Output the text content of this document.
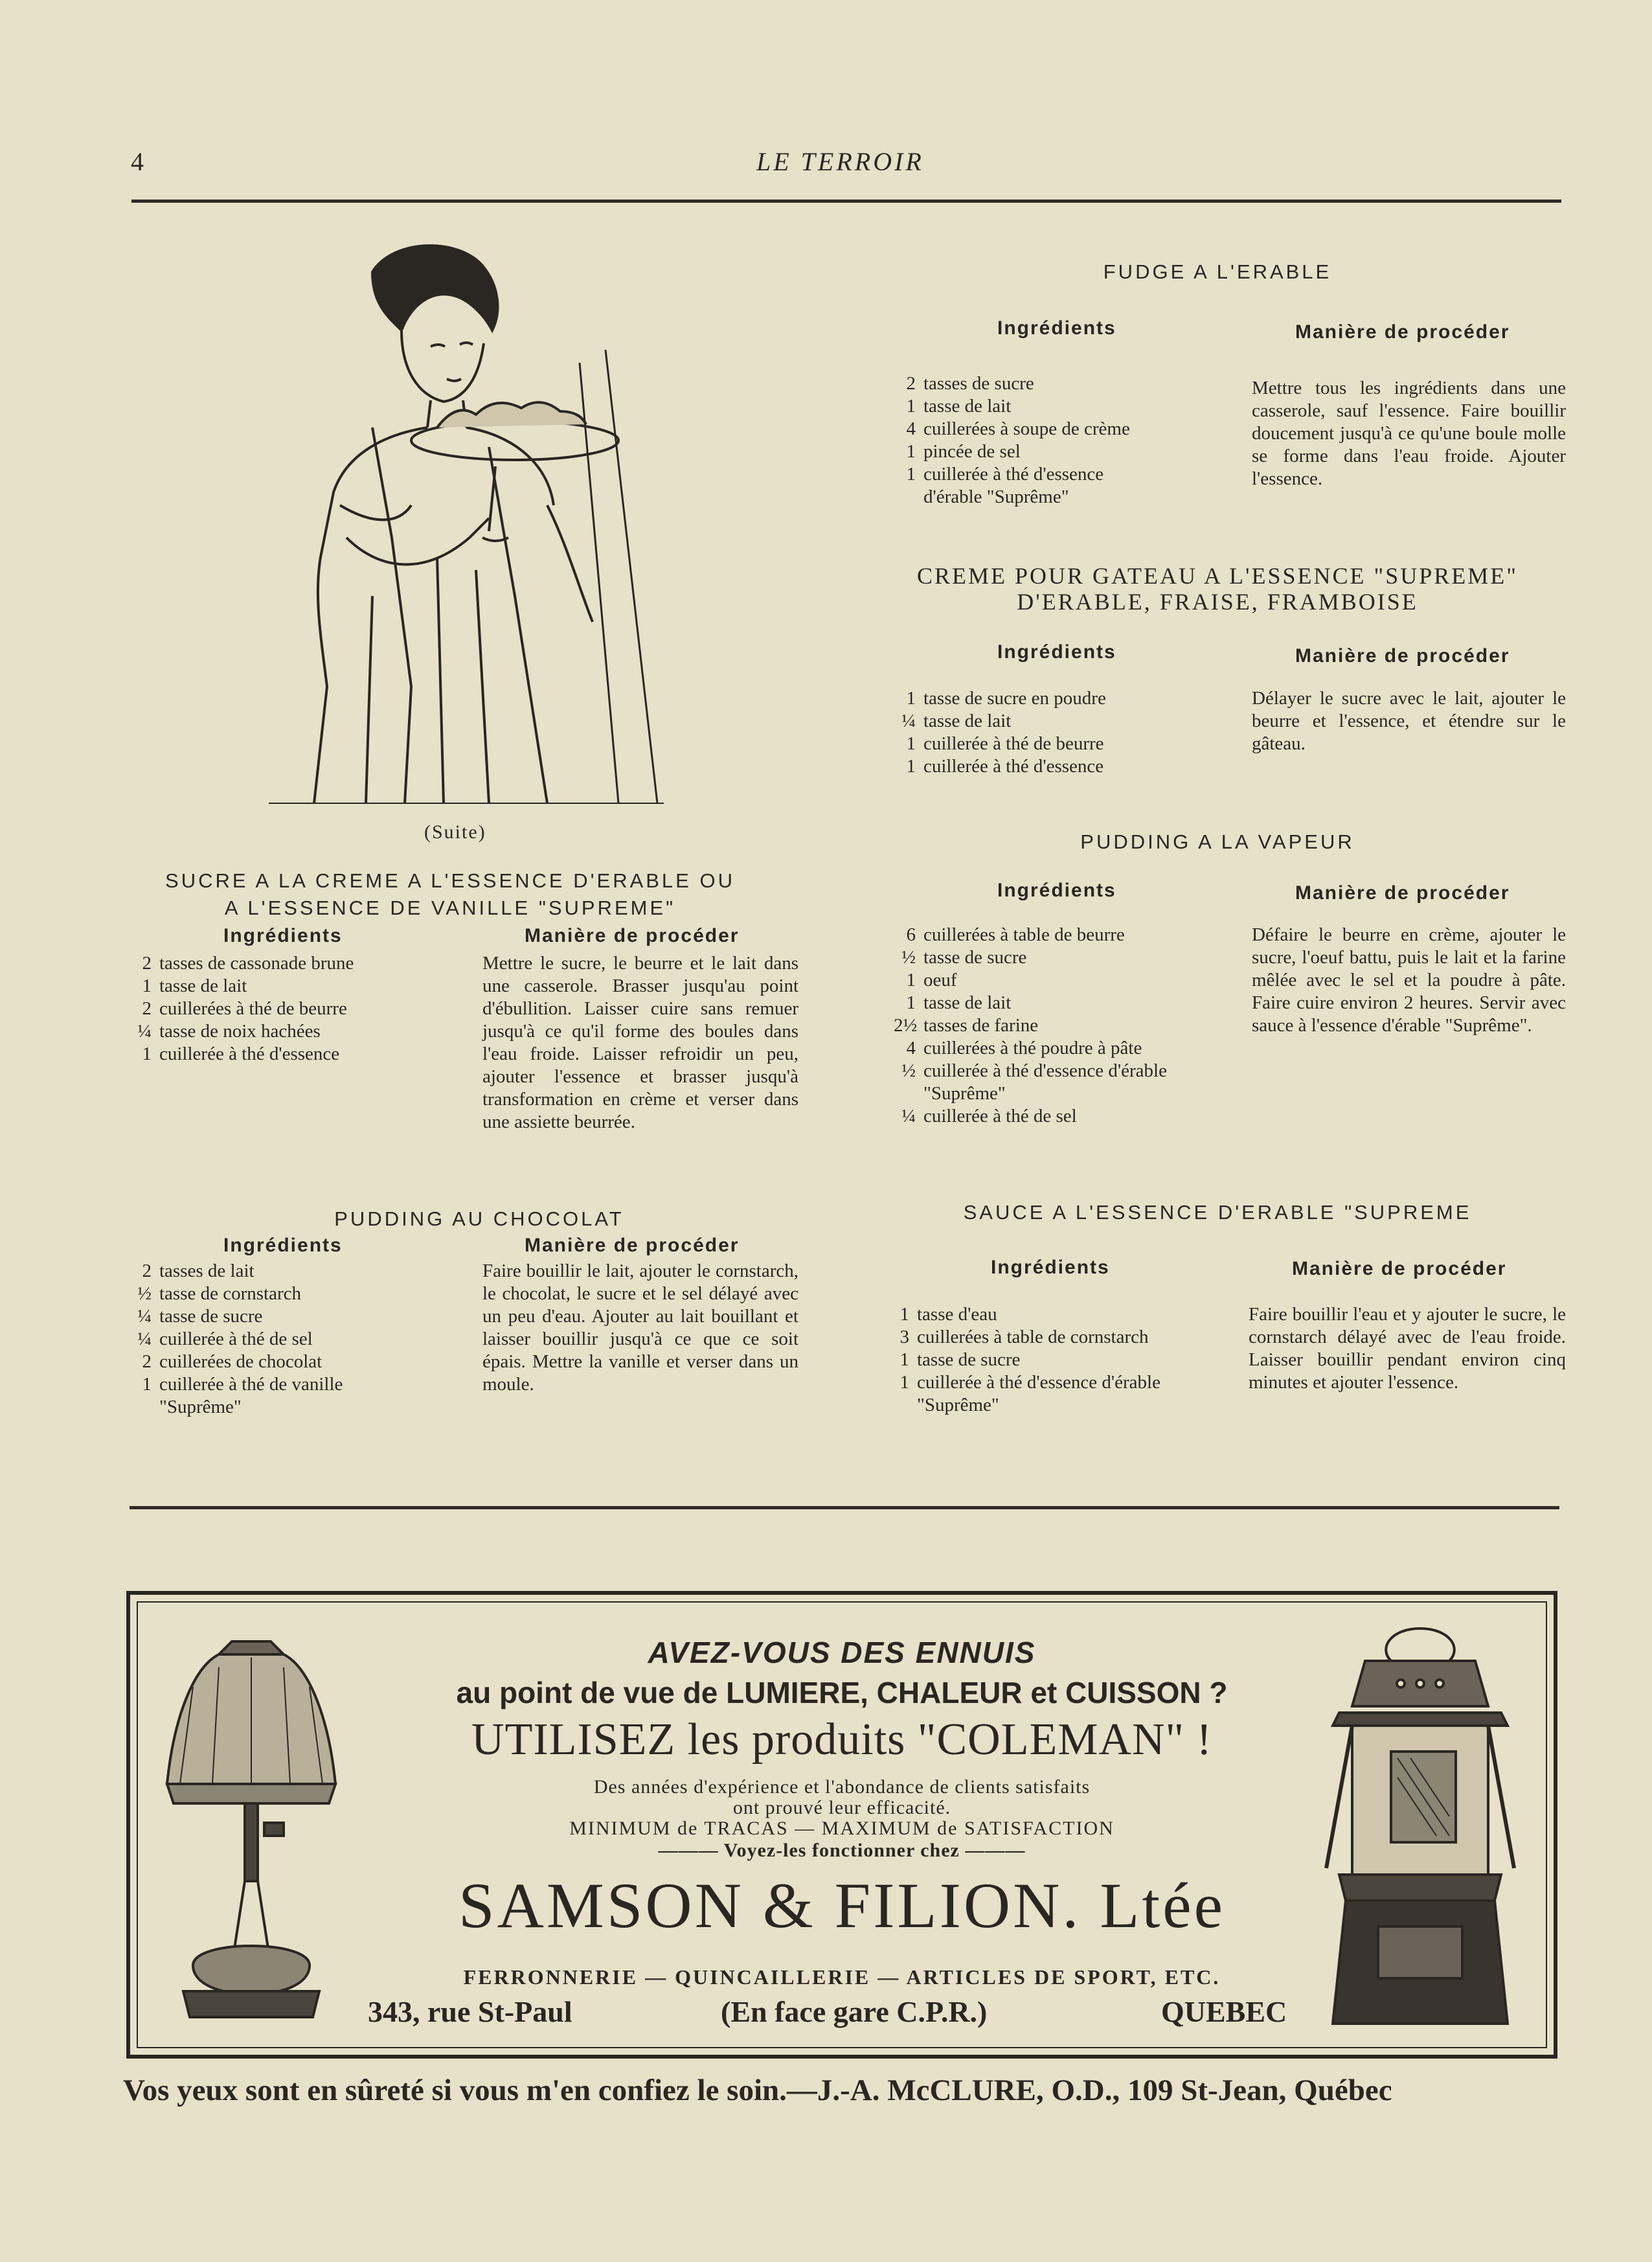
4	LE TERROIR
(Suite)
FUDGE A L'ERABLE
Ingrédients	Manière de procéder
2 tasses de sucre
1 tasse de lait
4 cuillerées à soupe de crème
1 pincée de sel
1 cuillerée à thé d'essence
d'érable "Suprême"

Mettre tous les ingrédients dans une casserole, sauf l'essence. Faire bouillir doucement jusqu'à ce qu'une boule molle se forme dans l'eau froide. Ajouter l'essence.

CREME POUR GATEAU A L'ESSENCE "SUPREME"
D'ERABLE, FRAISE, FRAMBOISE
Ingrédients	Manière de procéder
1 tasse de sucre en poudre
¼ tasse de lait
1 cuillerée à thé de beurre
1 cuillerée à thé d'essence

Délayer le sucre avec le lait, ajouter le beurre et l'essence, et étendre sur le gâteau.

PUDDING A LA VAPEUR
Ingrédients	Manière de procéder
6 cuillerées à table de beurre
½ tasse de sucre
1 oeuf
1 tasse de lait
2½ tasses de farine
4 cuillerées à thé poudre à pâte
½ cuillerée à thé d'essence d'érable "Suprême"
¼ cuillerée à thé de sel

Défaire le beurre en crème, ajouter le sucre, l'oeuf battu, puis le lait et la farine mêlée avec le sel et la poudre à pâte. Faire cuire environ 2 heures. Servir avec sauce à l'essence d'érable "Suprême".

SAUCE A L'ESSENCE D'ERABLE "SUPREME
Ingrédients	Manière de procéder
1 tasse d'eau
3 cuillerées à table de cornstarch
1 tasse de sucre
1 cuillerée à thé d'essence d'érable "Suprême"

Faire bouillir l'eau et y ajouter le sucre, le cornstarch délayé avec de l'eau froide. Laisser bouillir pendant environ cinq minutes et ajouter l'essence.

SUCRE A LA CREME A L'ESSENCE D'ERABLE OU
A L'ESSENCE DE VANILLE "SUPREME"
Ingrédients	Manière de procéder
2 tasses de cassonade brune
1 tasse de lait
2 cuillerées à thé de beurre
¼ tasse de noix hachées
1 cuillerée à thé d'essence

Mettre le sucre, le beurre et le lait dans une casserole. Brasser jusqu'au point d'ébullition. Laisser cuire sans remuer jusqu'à ce qu'il forme des boules dans l'eau froide. Laisser refroidir un peu, ajouter l'essence et brasser jusqu'à transformation en crème et verser dans une assiette beurrée.

PUDDING AU CHOCOLAT
Ingrédients	Manière de procéder
2 tasses de lait
½ tasse de cornstarch
¼ tasse de sucre
¼ cuillerée à thé de sel
2 cuillerées de chocolat
1 cuillerée à thé de vanille
"Suprême"

Faire bouillir le lait, ajouter le cornstarch, le chocolat, le sucre et le sel délayé avec un peu d'eau. Ajouter au lait bouillant et laisser bouillir jusqu'à ce que ce soit épais. Mettre la vanille et verser dans un moule.

AVEZ-VOUS DES ENNUIS
au point de vue de LUMIERE, CHALEUR et CUISSON ?
UTILISEZ les produits "COLEMAN" !
Des années d'expérience et l'abondance de clients satisfaits
ont prouvé leur efficacité.
MINIMUM de TRACAS — MAXIMUM de SATISFACTION
——— Voyez-les fonctionner chez ———
SAMSON & FILION. Ltée
FERRONNERIE — QUINCAILLERIE — ARTICLES DE SPORT, ETC.
343, rue St-Paul	(En face gare C.P.R.)	QUEBEC
Vos yeux sont en sûreté si vous m'en confiez le soin.—J.-A. McCLURE, O.D., 109 St-Jean, Québec
